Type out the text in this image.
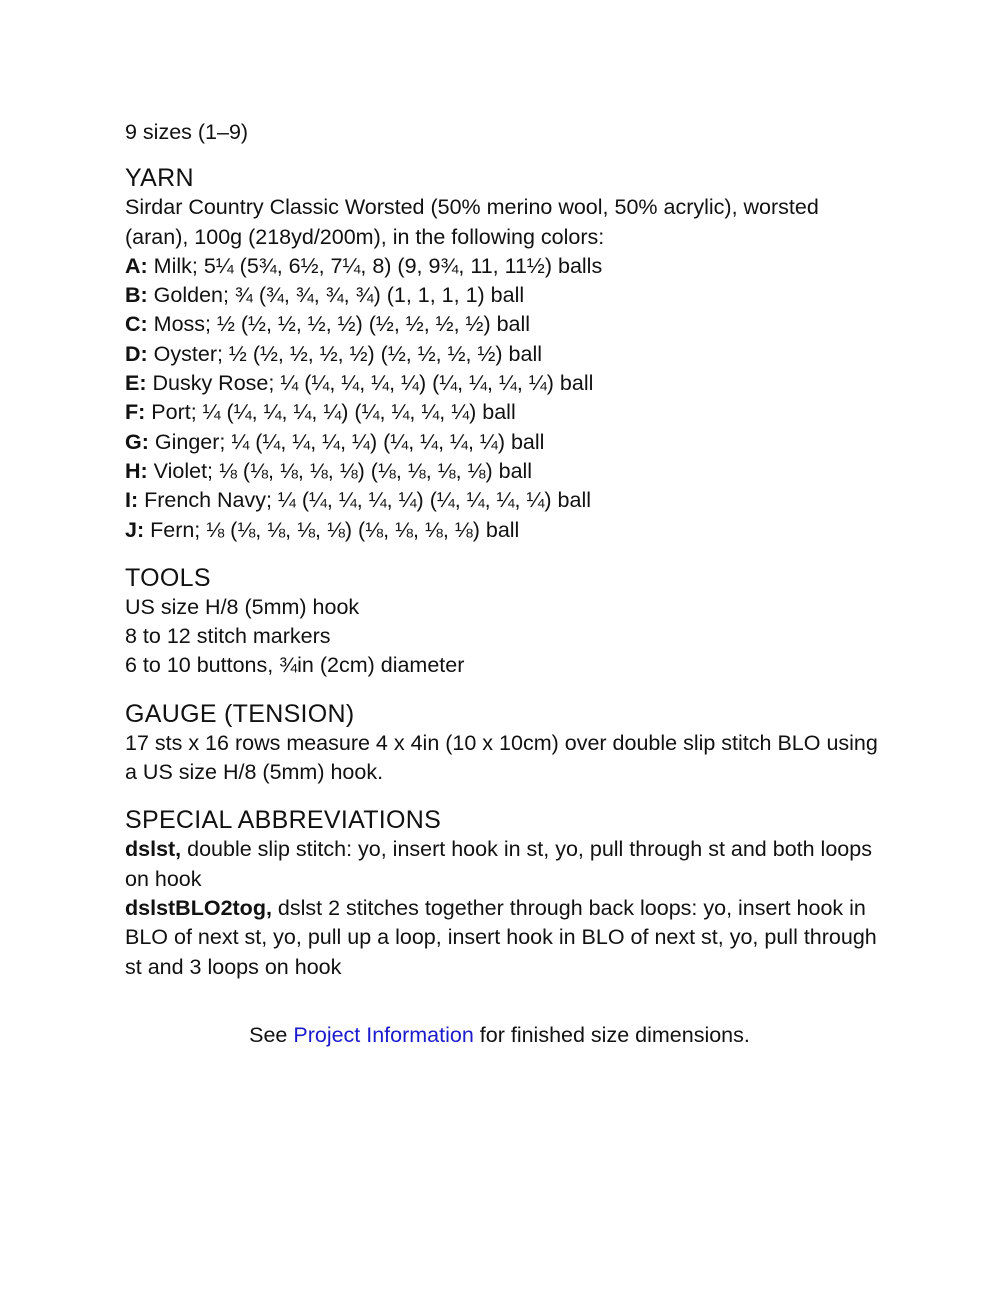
9 sizes (1–9)
YARN
Sirdar Country Classic Worsted (50% merino wool, 50% acrylic), worsted (aran), 100g (218yd/200m), in the following colors:
A: Milk; 5¼ (5¾, 6½, 7¼, 8) (9, 9¾, 11, 11½) balls
B: Golden; ¾ (¾, ¾, ¾, ¾) (1, 1, 1, 1) ball
C: Moss; ½ (½, ½, ½, ½) (½, ½, ½, ½) ball
D: Oyster; ½ (½, ½, ½, ½) (½, ½, ½, ½) ball
E: Dusky Rose; ¼ (¼, ¼, ¼, ¼) (¼, ¼, ¼, ¼) ball
F: Port; ¼ (¼, ¼, ¼, ¼) (¼, ¼, ¼, ¼) ball
G: Ginger; ¼ (¼, ¼, ¼, ¼) (¼, ¼, ¼, ¼) ball
H: Violet; ⅛ (⅛, ⅛, ⅛, ⅛) (⅛, ⅛, ⅛, ⅛) ball
I: French Navy; ¼ (¼, ¼, ¼, ¼) (¼, ¼, ¼, ¼) ball
J: Fern; ⅛ (⅛, ⅛, ⅛, ⅛) (⅛, ⅛, ⅛, ⅛) ball
TOOLS
US size H/8 (5mm) hook
8 to 12 stitch markers
6 to 10 buttons, ¾in (2cm) diameter
GAUGE (TENSION)
17 sts x 16 rows measure 4 x 4in (10 x 10cm) over double slip stitch BLO using a US size H/8 (5mm) hook.
SPECIAL ABBREVIATIONS
dslst, double slip stitch: yo, insert hook in st, yo, pull through st and both loops on hook
dslstBLO2tog, dslst 2 stitches together through back loops: yo, insert hook in BLO of next st, yo, pull up a loop, insert hook in BLO of next st, yo, pull through st and 3 loops on hook
See Project Information for finished size dimensions.
